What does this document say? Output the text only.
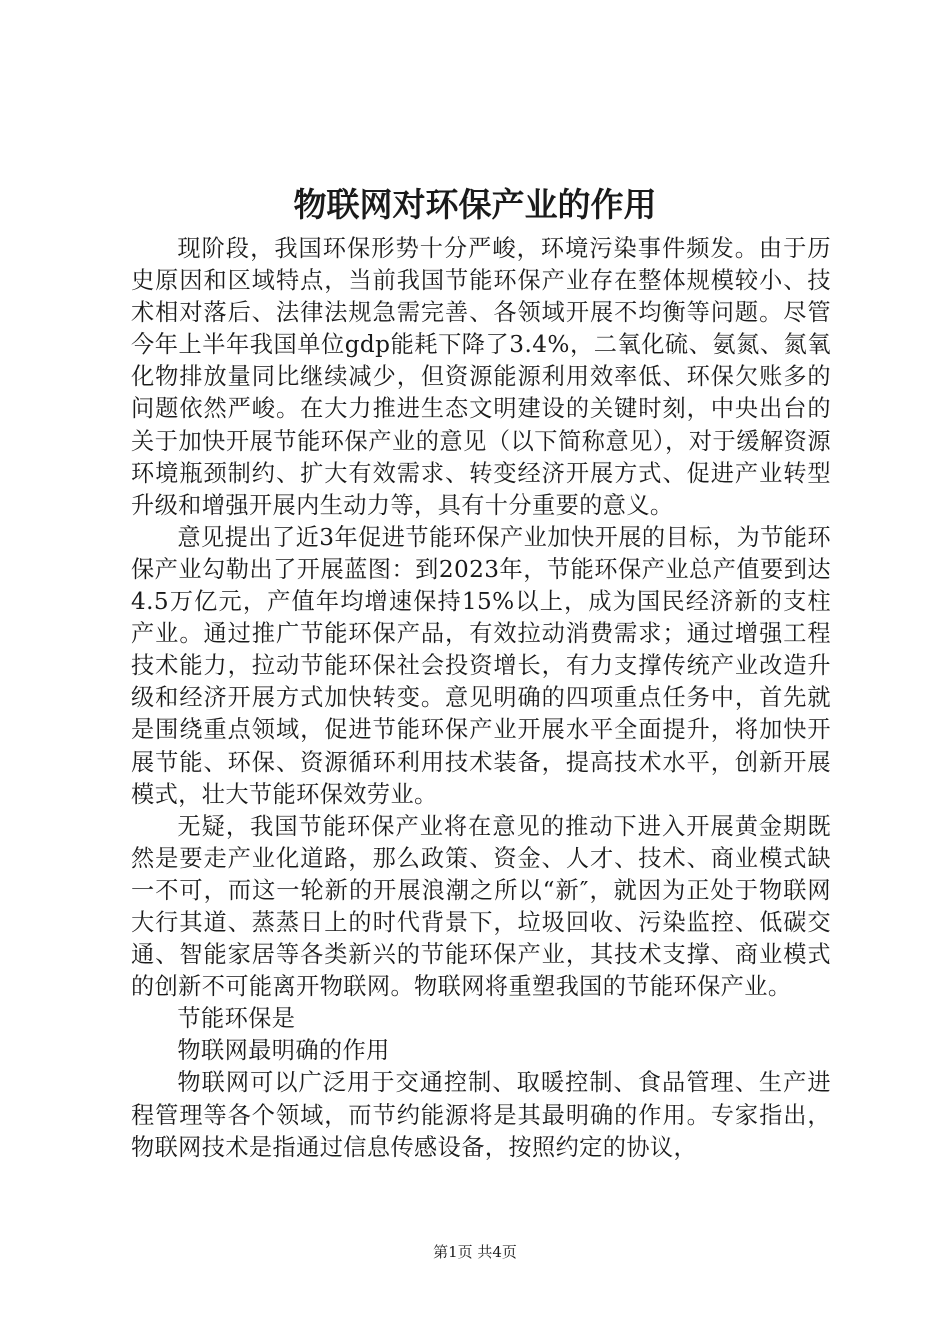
物联网对环保产业的作用

现阶段，我国环保形势十分严峻，环境污染事件频发。由于历史原因和区域特点，当前我国节能环保产业存在整体规模较小、技术相对落后、法律法规急需完善、各领域开展不均衡等问题。尽管今年上半年我国单位gdp能耗下降了3.4%，二氧化硫、氨氮、氮氧化物排放量同比继续减少，但资源能源利用效率低、环保欠账多的问题依然严峻。在大力推进生态文明建设的关键时刻，中央出台的关于加快开展节能环保产业的意见（以下简称意见），对于缓解资源环境瓶颈制约、扩大有效需求、转变经济开展方式、促进产业转型升级和增强开展内生动力等，具有十分重要的意义。

意见提出了近3年促进节能环保产业加快开展的目标，为节能环保产业勾勒出了开展蓝图：到2023年，节能环保产业总产值要到达4.5万亿元，产值年均增速保持15%以上，成为国民经济新的支柱产业。通过推广节能环保产品，有效拉动消费需求；通过增强工程技术能力，拉动节能环保社会投资增长，有力支撑传统产业改造升级和经济开展方式加快转变。意见明确的四项重点任务中，首先就是围绕重点领域，促进节能环保产业开展水平全面提升，将加快开展节能、环保、资源循环利用技术装备，提高技术水平，创新开展模式，壮大节能环保效劳业。

无疑，我国节能环保产业将在意见的推动下进入开展黄金期既然是要走产业化道路，那么政策、资金、人才、技术、商业模式缺一不可，而这一轮新的开展浪潮之所以“新″，就因为正处于物联网大行其道、蒸蒸日上的时代背景下，垃圾回收、污染监控、低碳交通、智能家居等各类新兴的节能环保产业，其技术支撑、商业模式的创新不可能离开物联网。物联网将重塑我国的节能环保产业。

节能环保是

物联网最明确的作用

物联网可以广泛用于交通控制、取暖控制、食品管理、生产进程管理等各个领域，而节约能源将是其最明确的作用。专家指出，物联网技术是指通过信息传感设备，按照约定的协议，

第1页 共4页
